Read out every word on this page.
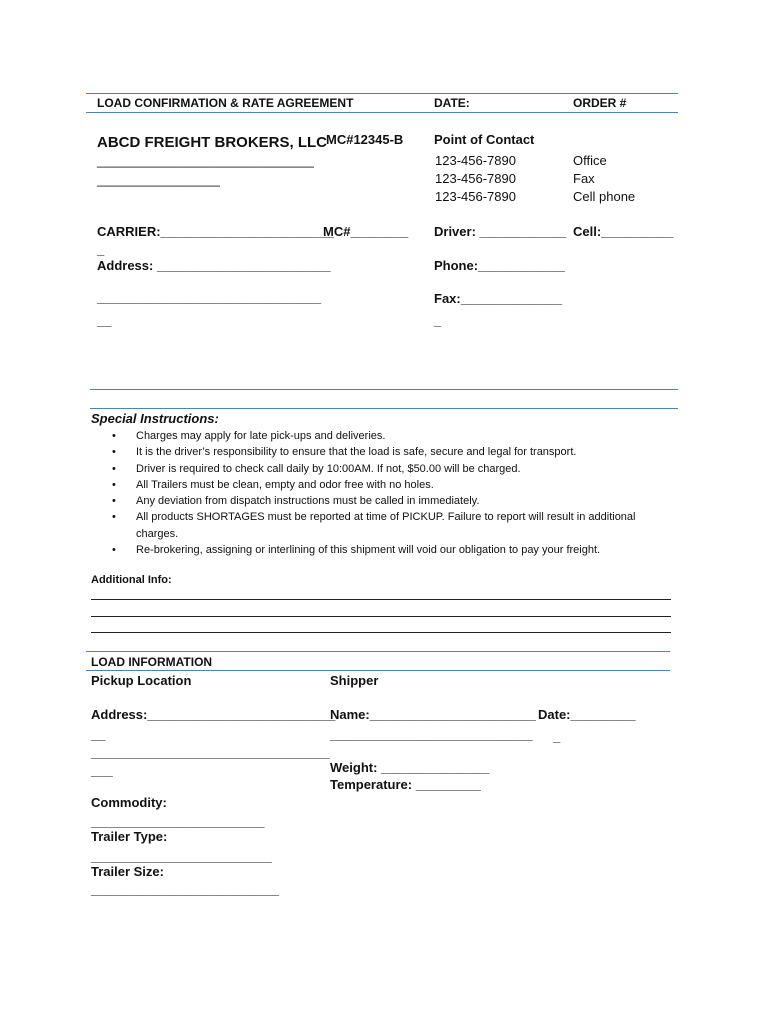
LOAD CONFIRMATION & RATE AGREEMENT	DATE:	ORDER #
ABCD FREIGHT BROKERS, LLC MC#12345-B
______________________________
_________________
Point of Contact
123-456-7890	Office
123-456-7890	Fax
123-456-7890	Cell phone
CARRIER:________________________
MC#________ Driver: ____________ Cell:__________
_
Address: ________________________	Phone:____________
_______________________________	Fax:______________
__	_
Special Instructions:
• Charges may apply for late pick-ups and deliveries.
• It is the driver’s responsibility to ensure that the load is safe, secure and legal for transport.
• Driver is required to check call daily by 10:00AM. If not, $50.00 will be charged.
• All Trailers must be clean, empty and odor free with no holes.
• Any deviation from dispatch instructions must be called in immediately.
• All products SHORTAGES must be reported at time of PICKUP. Failure to report will result in additional charges.
• Re-brokering, assigning or interlining of this shipment will void our obligation to pay your freight.
Additional Info:
LOAD INFORMATION
Pickup Location	Shipper
Address:__________________________
Name:_______________________ Date:_________
__	____________________________ _
_________________________________
___	Weight: _______________
Temperature: _________
Commodity:
________________________
Trailer Type:
_________________________
Trailer Size:
__________________________
